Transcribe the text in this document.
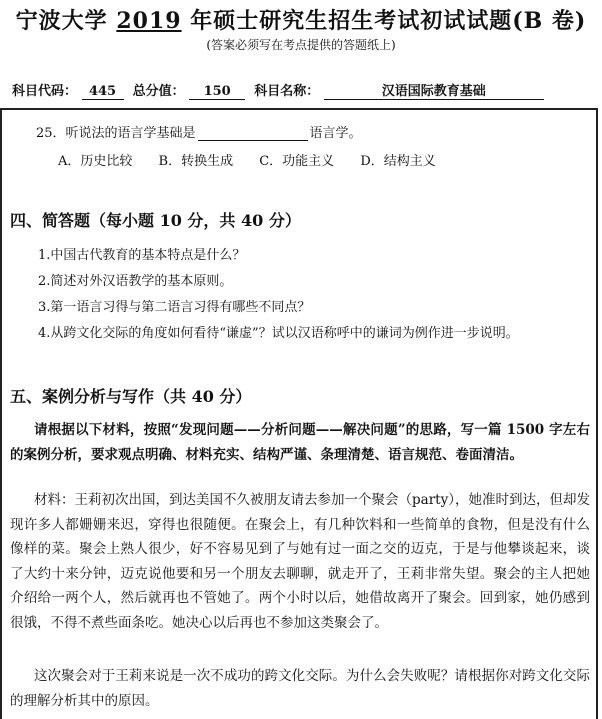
宁波大学 2019 年硕士研究生招生考试初试试题(B 卷)
(答案必须写在考点提供的答题纸上)
科目代码： 445 总分值： 150 科目名称：	汉语国际教育基础
25．听说法的语言学基础是	语言学。
A．历史比较 B．转换生成 C．功能主义 D．结构主义
四、简答题（每小题 10 分，共 40 分）
1.中国古代教育的基本特点是什么？
2.简述对外汉语教学的基本原则。
3.第一语言习得与第二语言习得有哪些不同点？
4.从跨文化交际的角度如何看待“谦虚”？试以汉语称呼中的谦词为例作进一步说明。
五、案例分析与写作（共 40 分）
请根据以下材料，按照“发现问题——分析问题——解决问题”的思路，写一篇 1500 字左右的案例分析，要求观点明确、材料充实、结构严谨、条理清楚、语言规范、卷面清洁。
材料：王莉初次出国，到达美国不久被朋友请去参加一个聚会（party），她准时到达，但却发现许多人都姗姗来迟，穿得也很随便。在聚会上，有几种饮料和一些简单的食物，但是没有什么像样的菜。聚会上熟人很少，好不容易见到了与她有过一面之交的迈克，于是与他攀谈起来，谈了大约十来分钟，迈克说他要和另一个朋友去聊聊，就走开了，王莉非常失望。聚会的主人把她介绍给一两个人，然后就再也不管她了。两个小时以后，她借故离开了聚会。回到家，她仍感到很饿，不得不煮些面条吃。她决心以后再也不参加这类聚会了。
这次聚会对于王莉来说是一次不成功的跨文化交际。为什么会失败呢？请根据你对跨文化交际的理解分析其中的原因。
